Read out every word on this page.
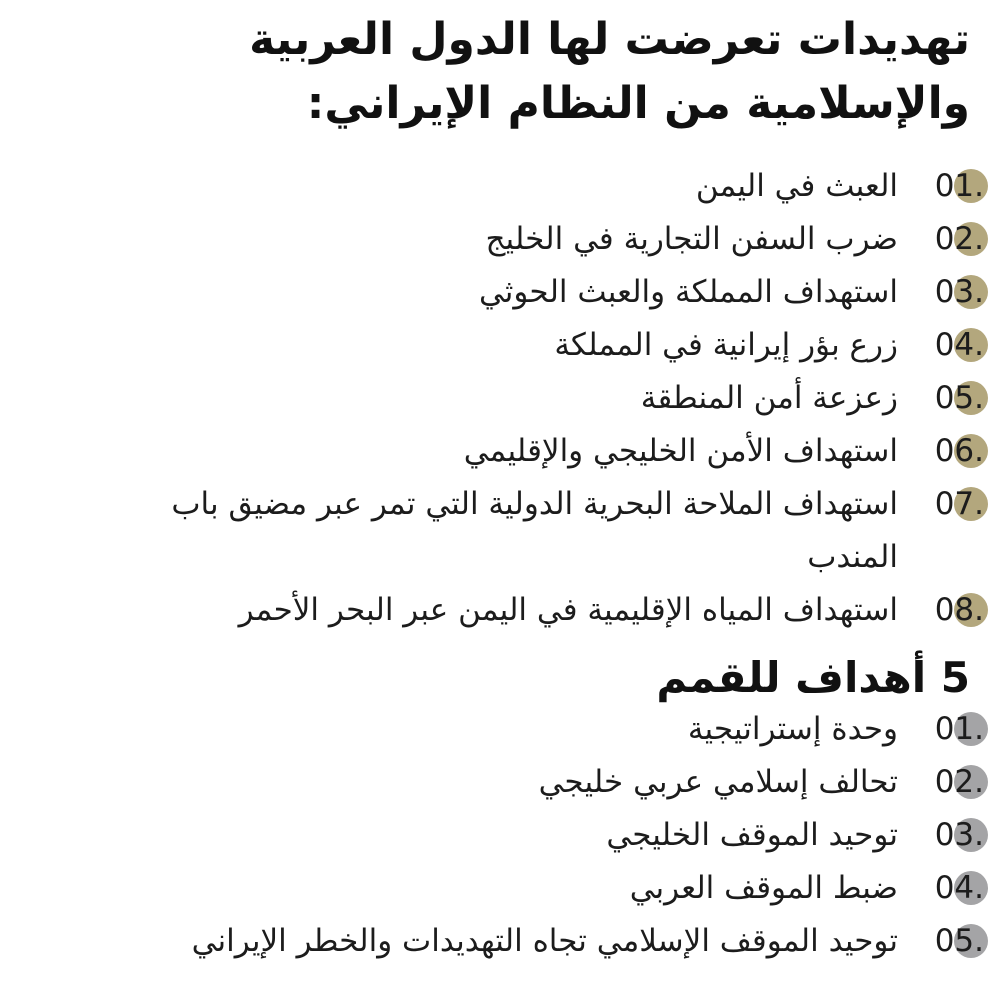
تهديدات تعرضت لها الدول العربية
والإسلامية من النظام الإيراني:
01.
العبث في اليمن
02.
ضرب السفن التجارية في الخليج
03.
استهداف المملكة والعبث الحوثي
04.
زرع بؤر إيرانية في المملكة
05.
زعزعة أمن المنطقة
06.
استهداف الأمن الخليجي والإقليمي
07.
استهداف الملاحة البحرية الدولية التي تمر عبر مضيق باب المندب
08.
استهداف المياه الإقليمية في اليمن عبر البحر الأحمر
5 أهداف للقمم
01.
وحدة إستراتيجية
02.
تحالف إسلامي عربي خليجي
03.
توحيد الموقف الخليجي
04.
ضبط الموقف العربي
05.
توحيد الموقف الإسلامي تجاه التهديدات والخطر الإيراني
